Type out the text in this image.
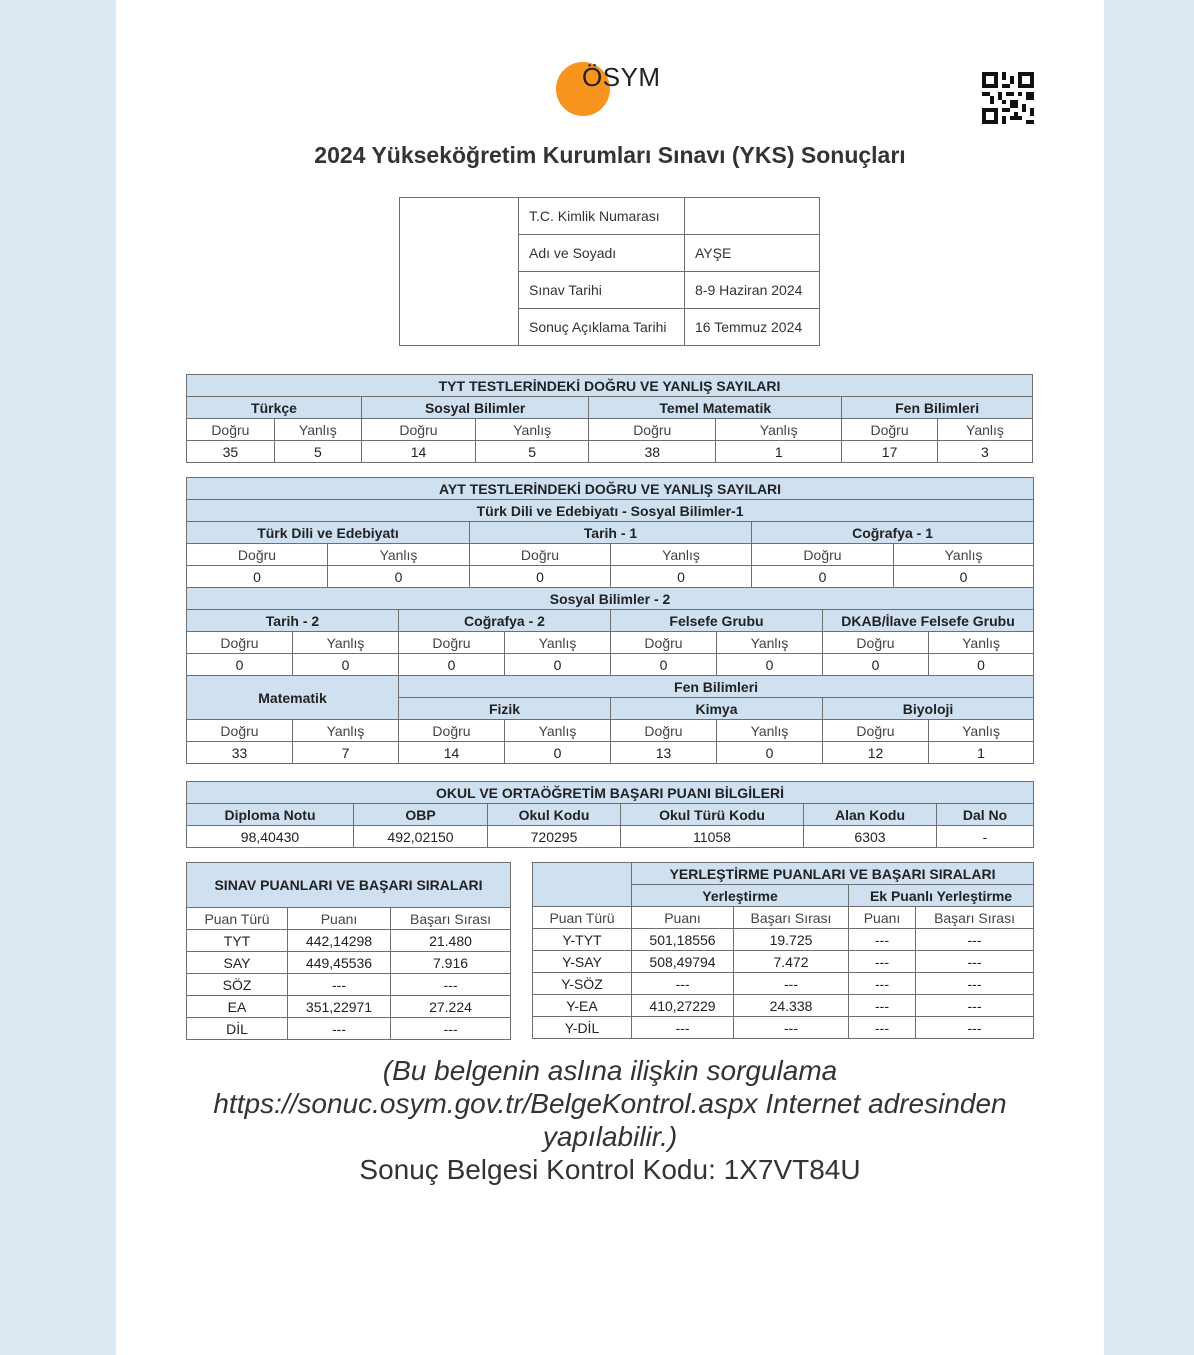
ÖSYM
2024 Yükseköğretim Kurumları Sınavı (YKS) Sonuçları
	T.C. Kimlik Numarası	
	Adı ve Soyadı	AYŞE
	Sınav Tarihi	8-9 Haziran 2024
	Sonuç Açıklama Tarihi	16 Temmuz 2024
TYT TESTLERİNDEKİ DOĞRU VE YANLIŞ SAYILARI							
Türkçe		Sosyal Bilimler		Temel Matematik		Fen Bilimleri	
Doğru	Yanlış	Doğru	Yanlış	Doğru	Yanlış	Doğru	Yanlış
35	5	14	5	38	1	17	3
AYT TESTLERİNDEKİ DOĞRU VE YANLIŞ SAYILARI											
Türk Dili ve Edebiyatı - Sosyal Bilimler-1											
Türk Dili ve Edebiyatı				Tarih - 1				Coğrafya - 1			
Doğru		Yanlış		Doğru		Yanlış		Doğru		Yanlış	
0		0		0		0		0		0	
Sosyal Bilimler - 2											
Tarih - 2			Coğrafya - 2			Felsefe Grubu			DKAB/İlave Felsefe Grubu		
Doğru	Yanlış		Doğru		Yanlış	Doğru	Yanlış		Doğru		Yanlış
0	0		0		0	0	0		0		0
Matematik			Fen Bilimleri								
			Fizik			Kimya			Biyoloji		
Doğru	Yanlış		Doğru		Yanlış	Doğru	Yanlış		Doğru		Yanlış
33	7		14		0	13	0		12		1
OKUL VE ORTAÖĞRETİM BAŞARI PUANI BİLGİLERİ					
Diploma Notu	OBP	Okul Kodu	Okul Türü Kodu	Alan Kodu	Dal No
98,40430	492,02150	720295	11058	6303	-
SINAV PUANLARI VE BAŞARI SIRALARI		
Puan Türü	Puanı	Başarı Sırası
TYT	442,14298	21.480
SAY	449,45536	7.916
SÖZ	---	---
EA	351,22971	27.224
DİL	---	---
	YERLEŞTİRME PUANLARI VE BAŞARI SIRALARI			
	Yerleştirme		Ek Puanlı Yerleştirme	
Puan Türü	Puanı	Başarı Sırası	Puanı	Başarı Sırası
Y-TYT	501,18556	19.725	---	---
Y-SAY	508,49794	7.472	---	---
Y-SÖZ	---	---	---	---
Y-EA	410,27229	24.338	---	---
Y-DİL	---	---	---	---
(Bu belgenin aslına ilişkin sorgulama
https://sonuc.osym.gov.tr/BelgeKontrol.aspx Internet adresinden
yapılabilir.)
Sonuç Belgesi Kontrol Kodu: 1X7VT84U
